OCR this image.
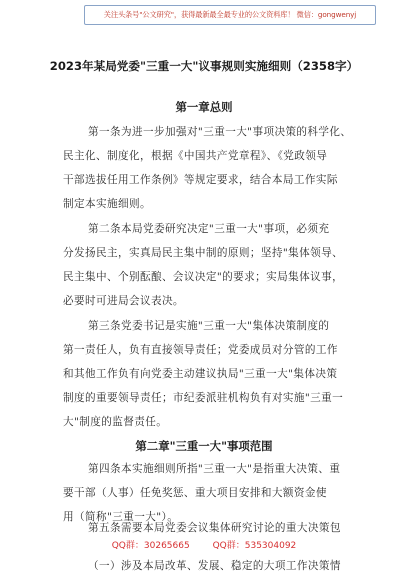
关注头条号"公文研究"，获得最新最全最专业的公文资料库！ 微信：gongwenyj
2023年某局党委"三重一大"议事规则实施细则（2358字）
第一章总则
第一条为进一步加强对"三重一大"事项决策的科学化、
民主化、制度化，根据《中国共产党章程》、《党政领导
干部选拔任用工作条例》等规定要求，结合本局工作实际
制定本实施细则。
第二条本局党委研究决定"三重一大"事项，必须充
分发扬民主，实真局民主集中制的原则；坚持"集体领导、
民主集中、个别酝酿、会议决定"的要求；实局集体议事，
必要时可进局会议表决。
第三条党委书记是实施"三重一大"集体决策制度的
第一责任人，负有直接领导责任；党委成员对分管的工作
和其他工作负有向党委主动建议执局"三重一大"集体决策
制度的重要领导责任；市纪委派驻机构负有对实施"三重一
大"制度的监督责任。
第二章"三重一大"事项范围
第四条本实施细则所指"三重一大"是指重大决策、重
要干部（人事）任免奖惩、重大项目安排和大额资金使
用（简称"三重一大"）。
第五条需要本局党委会议集体研究讨论的重大决策包
QQ群：30265665	QQ群：535304092
（一）涉及本局改革、发展、稳定的大项工作决策情
